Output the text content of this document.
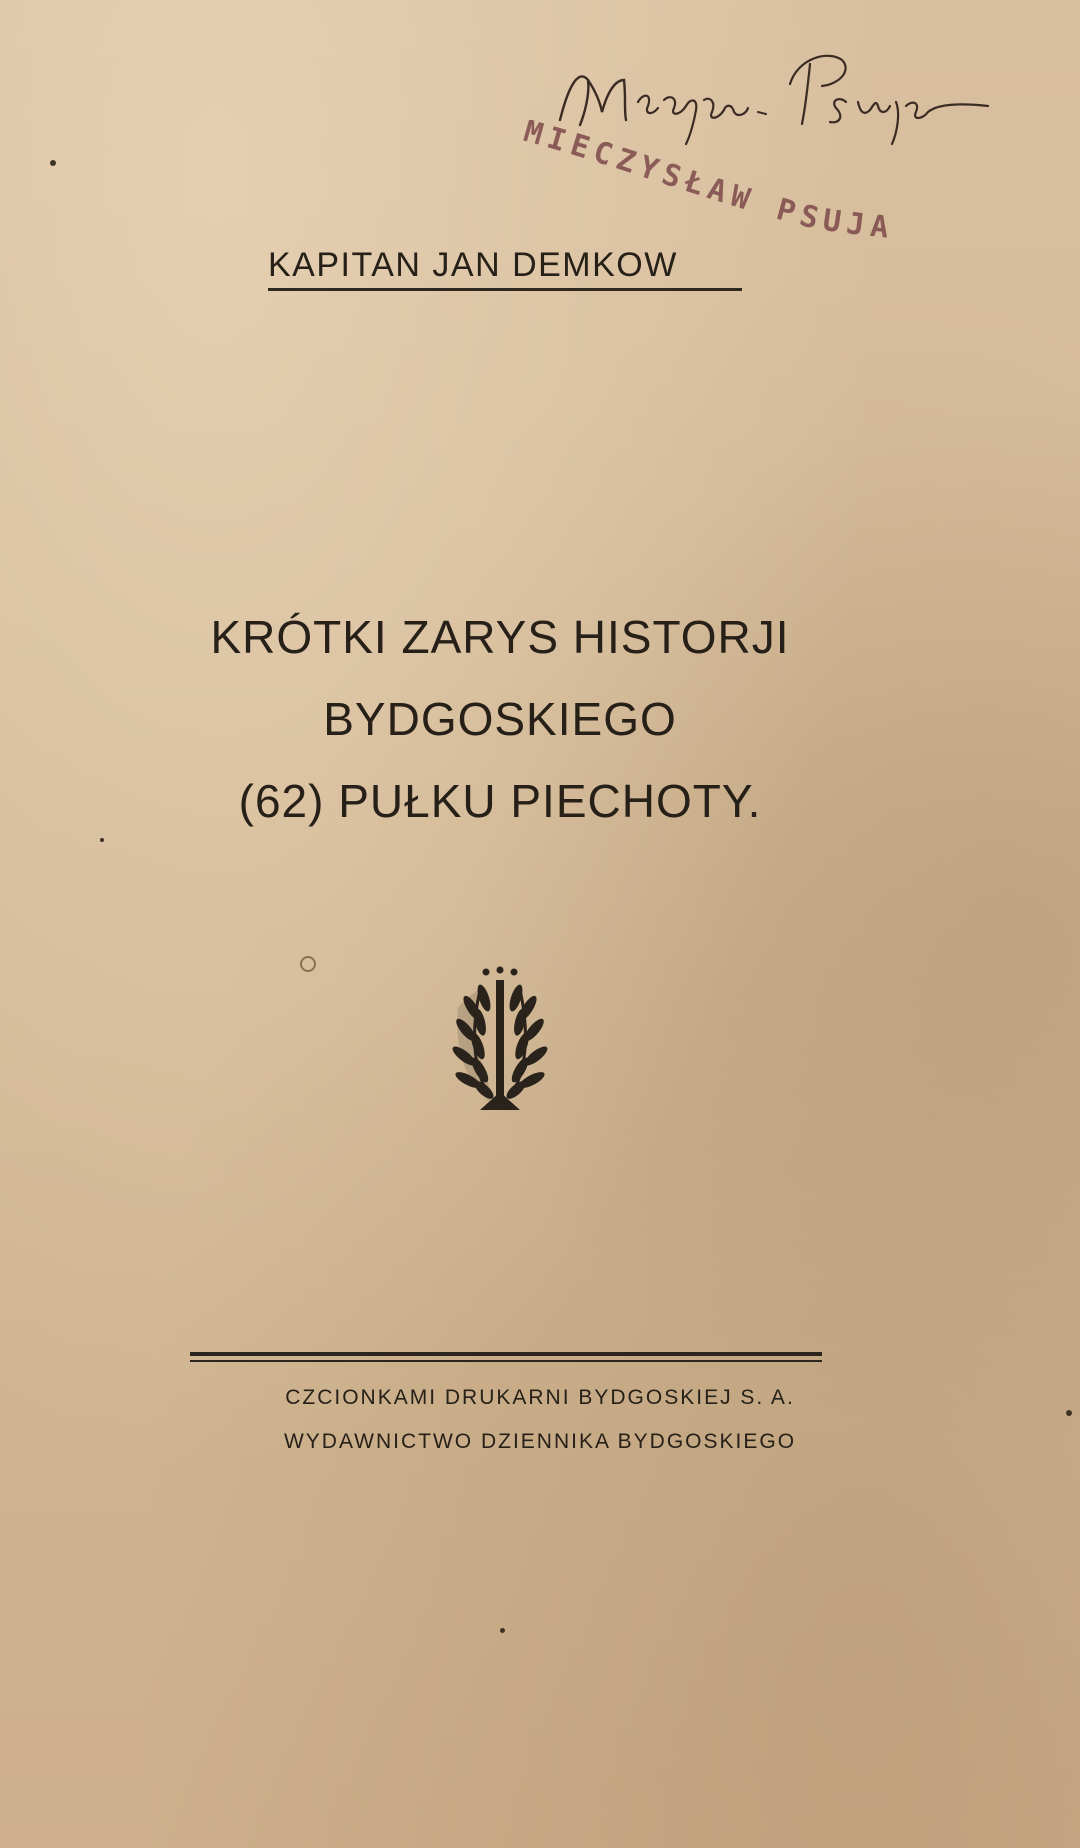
MIECZYSŁAW PSUJA
KAPITAN JAN DEMKOW
KRÓTKI ZARYS HISTORJI
BYDGOSKIEGO
(62) PUŁKU PIECHOTY.

CZCIONKAMI DRUKARNI BYDGOSKIEJ S. A.

WYDAWNICTWO DZIENNIKA BYDGOSKIEGO
